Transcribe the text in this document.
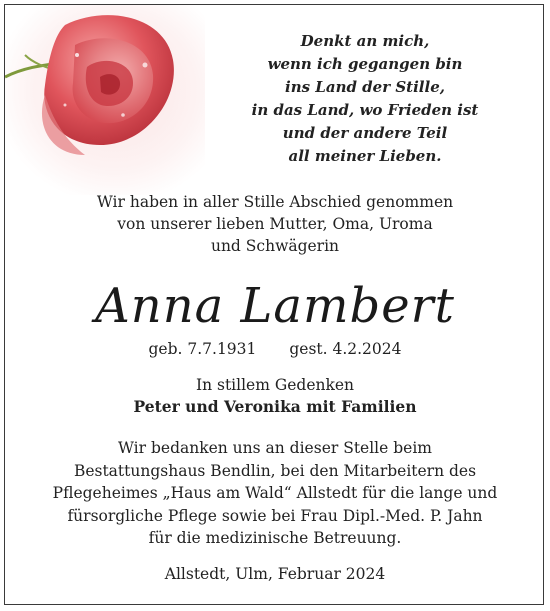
Denkt an mich,
wenn ich gegangen bin
ins Land der Stille,
in das Land, wo Frieden ist
und der andere Teil
all meiner Lieben.
Wir haben in aller Stille Abschied genommen
von unserer lieben Mutter, Oma, Uroma
und Schwägerin
Anna Lambert
geb. 7.7.1931 gest. 4.2.2024
In stillem Gedenken
Peter und Veronika mit Familien
Wir bedanken uns an dieser Stelle beim
Bestattungshaus Bendlin, bei den Mitarbeitern des
Pflegeheimes „Haus am Wald“ Allstedt für die lange und
fürsorgliche Pflege sowie bei Frau Dipl.-Med. P. Jahn
für die medizinische Betreuung.
Allstedt, Ulm, Februar 2024
